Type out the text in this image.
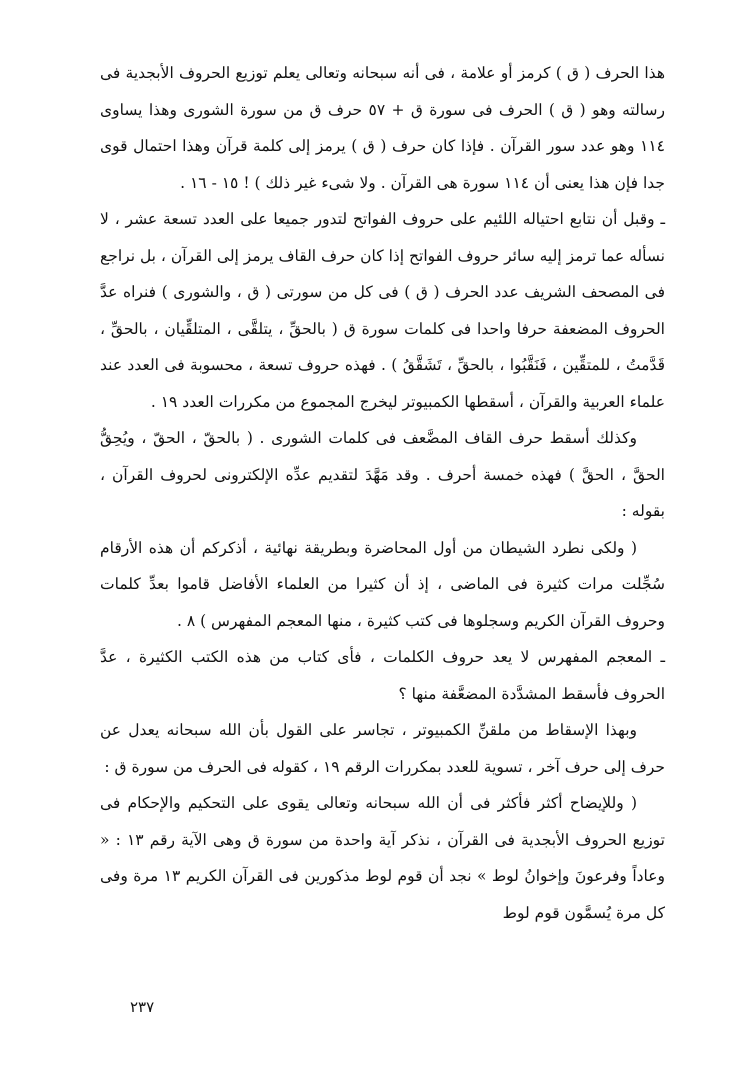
هذا الحرف ( ق ) كرمز أو علامة ، فى أنه سبحانه وتعالى يعلم توزيع الحروف الأبجدية فى رسالته وهو ( ق ) الحرف فى سورة ق + ٥٧ حرف ق من سورة الشورى وهذا يساوى ١١٤ وهو عدد سور القرآن . فإذا كان حرف ( ق ) يرمز إلى كلمة قرآن وهذا احتمال قوى جدا فإن هذا يعنى أن ١١٤ سورة هى القرآن . ولا شىء غير ذلك ) ! ١٥ - ١٦ .

ـ وقبل أن نتابع احتياله اللئيم على حروف الفواتح لتدور جميعا على العدد تسعة عشر ، لا نسأله عما ترمز إليه سائر حروف الفواتح إذا كان حرف القاف يرمز إلى القرآن ، بل نراجع فى المصحف الشريف عدد الحرف ( ق ) فى كل من سورتى ( ق ، والشورى ) فنراه عدَّ الحروف المضعفة حرفا واحدا فى كلمات سورة ق ( بالحقِّ ، يتلقَّى ، المتلقِّيان ، بالحقِّ ، قَدَّمتُ ، للمتقِّين ، فَنَقَّبُوا ، بالحقِّ ، تَشَقَّقُ ) . فهذه حروف تسعة ، محسوبة فى العدد عند علماء العربية والقرآن ، أسقطها الكمبيوتر ليخرج المجموع من مكررات العدد ١٩ .

وكذلك أسقط حرف القاف المضَّعف فى كلمات الشورى . ( بالحقّ ، الحقّ ، ويُحِقُّ الحقَّ ، الحقَّ ) فهذه خمسة أحرف . وقد مَهَّدَ لتقديم عدِّه الإلكترونى لحروف القرآن ، بقوله :

( ولكى نطرد الشيطان من أول المحاضرة وبطريقة نهائية ، أذكركم أن هذه الأرقام سُجِّلت مرات كثيرة فى الماضى ، إذ أن كثيرا من العلماء الأفاضل قاموا بعدِّ كلمات وحروف القرآن الكريم وسجلوها فى كتب كثيرة ، منها المعجم المفهرس ) ٨ .

ـ المعجم المفهرس لا يعد حروف الكلمات ، فأى كتاب من هذه الكتب الكثيرة ، عدَّ الحروف فأسقط المشدَّدة المضعَّفة منها ؟

وبهذا الإسقاط من ملقنِّ الكمبيوتر ، تجاسر على القول بأن الله سبحانه يعدل عن حرف إلى حرف آخر ، تسوية للعدد بمكررات الرقم ١٩ ، كقوله فى الحرف من سورة ق :

( وللإيضاح أكثر فأكثر فى أن الله سبحانه وتعالى يقوى على التحكيم والإحكام فى توزيع الحروف الأبجدية فى القرآن ، نذكر آية واحدة من سورة ق وهى الآية رقم ١٣ : « وعاداً وفرعونَ وإخوانُ لوط » نجد أن قوم لوط مذكورين فى القرآن الكريم ١٣ مرة وفى كل مرة يُسمَّون قوم لوط

٢٣٧
